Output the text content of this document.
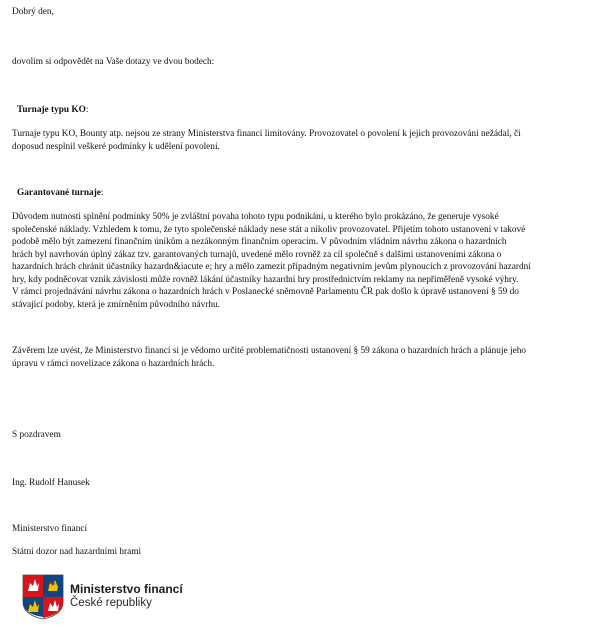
Dobrý den,

dovolím si odpovědět na Vaše dotazy ve dvou bodech:

Turnaje typu KO:

Turnaje typu KO, Bounty atp. nejsou ze strany Ministerstva financí limitovány. Provozovatel o povolení k jejich provozování nežádal, či
doposud nesplnil veškeré podmínky k udělení povolení.

Garantované turnaje:

Důvodem nutnosti splnění podmínky 50% je zvláštní povaha tohoto typu podnikání, u kterého bylo prokázáno, že generuje vysoké
společenské náklady. Vzhledem k tomu, že tyto společenské náklady nese stát a nikoliv provozovatel. Přijetím tohoto ustanovení v takové
podobě mělo být zamezení finančním únikům a nezákonným finančním operacím. V původním vládním návrhu zákona o hazardních
hrách byl navrhován úplný zákaz tzv. garantovaných turnajů, uvedené mělo rovněž za cíl společně s dalšími ustanoveními zákona o
hazardních hrách chránit účastníky hazardn&iacute e; hry a mělo zamezit případným negativním jevům plynoucích z provozování hazardní
hry, kdy podněcovat vznik závislosti může rovněž lákání účastníky hazardní hry prostřednictvím reklamy na nepřiměřeně vysoké výhry.
V rámci projednávání návrhu zákona o hazardních hrách v Poslanecké sněmovně Parlamentu ČR pak došlo k úpravě ustanovení § 59 do
stávající podoby, která je zmírněním původního návrhu.
Závěrem lze uvést, že Ministerstvo financí si je vědomo určité problematičnosti ustanovení § 59 zákona o hazardních hrách a plánuje jeho
úpravu v rámci novelizace zákona o hazardních hrách.

S pozdravem

Ing. Rudolf Hanusek

Ministerstvo financí

Státní dozor nad hazardními hrami

Ministerstvo financí
České republiky
